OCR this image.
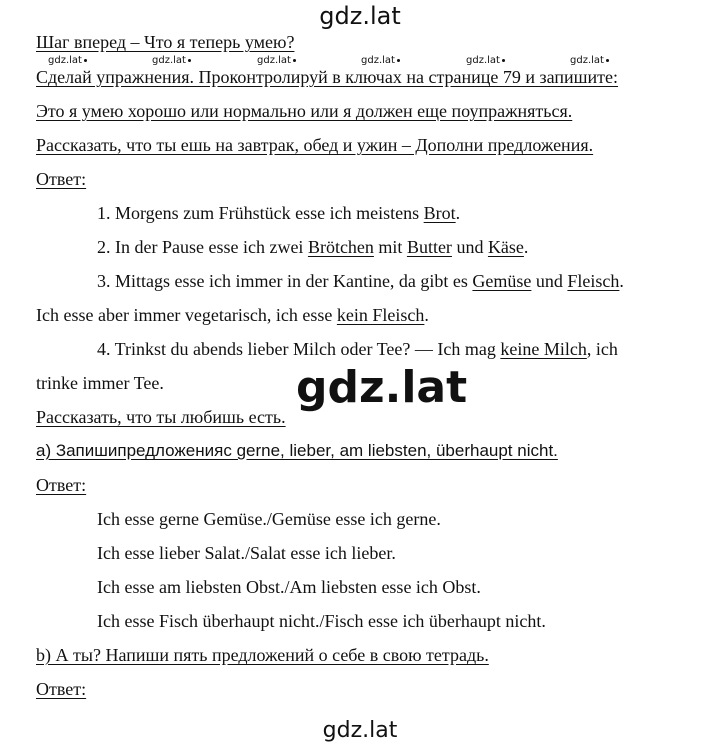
gdz.lat
gdz.lat	gdz.lat	gdz.lat	gdz.lat	gdz.lat	gdz.lat
Шаг вперед – Что я теперь умею?
Сделай упражнения. Проконтролируй в ключах на странице 79 и запишите:
Это я умею хорошо или нормально или я должен еще поупражняться.
Рассказать, что ты ешь на завтрак, обед и ужин – Дополни предложения.
Ответ:
1. Morgens zum Frühstück esse ich meistens Brot.
2. In der Pause esse ich zwei Brötchen mit Butter und Käse.
3. Mittags esse ich immer in der Kantine, da gibt es Gemüse und Fleisch.
Ich esse aber immer vegetarisch, ich esse kein Fleisch.
4. Trinkst du abends lieber Milch oder Tee? — Ich mag keine Milch, ich
trinke immer Tee.	gdz.lat
Рассказать, что ты любишь есть.
а) Запишипредложенияс gerne, lieber, am liebsten, überhaupt nicht.
Ответ:
Ich esse gerne Gemüse./Gemüse esse ich gerne.
Ich esse lieber Salat./Salat esse ich lieber.
Ich esse am liebsten Obst./Am liebsten esse ich Obst.
Ich esse Fisch überhaupt nicht./Fisch esse ich überhaupt nicht.
b) А ты? Напиши пять предложений о себе в свою тетрадь.
Ответ:
gdz.lat
